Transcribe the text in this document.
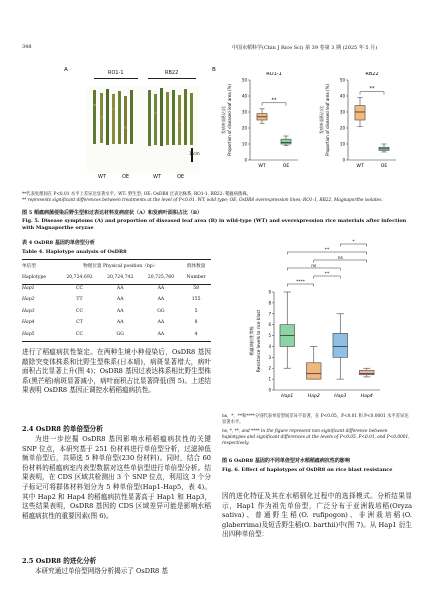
348	中国水稻科学(Chin J Rice Sci) 第 39 卷第 3 期 (2025 年 5 月)
A	RO1-1	RB22
1 cm
WT	OE	WT	OE
B
RO1-1
0
10
20
30
40
50
WT	OE
RB22
0
10
20
30
40
50
WT	OE
Proportion of diseased leaf area (%)
发病叶面积占比
**	Proportion of diseased leaf area (%)
发病叶面积占比
**
**代表处理间在 P<0.01 水平上差异达显著水平。WT: 野生型; OE: OsDR8 过表达株系; RO1-1, RB22: 稻瘟病菌株。
** represents significant differences between treatments at the level of P<0.01. WT, wild type; OE, OsDR8 overexpression lines; RO1-1, RB22, Magnaporthe isolates.
图 5 稻瘟病菌侵染后野生型和过表达材料发病症状（A）和发病叶面积占比（B）
Fig. 5. Disease symptoms (A) and proportion of diseased leaf area (B) in wild-type (WT) and overexpression rice materials after infection with Magnaporthe oryzae
表 4 OsDR8 基因的单倍型分析
Table 4. Haplotype analysis of OsDR8
单倍型	物理位置 Physical position（bp）			群体数量
Haplotype	20,724,692	20,724,742	20,725,760	Number
Hap1	CC	AA	AA	58
Hap2	TT	AA	AA	155
Hap3	CC	AA	GG	5
Hap4	CT	AA	AA	8
Hap5	CC	GG	AA	4
进行了稻瘟病抗性鉴定。在两种生境小种侵染后，OsDR8 基因敲除突变体株系和比野生型株系(日本晴)，病斑显著增大，病叶面积占比显著上升(图 4)；OsDR8 基因过表达株系相比野生型株系(黑芒稻)病斑显著减小，病叶面积占比显著降低(图 5)。上述结果表明 OsDR8 基因正调控水稻稻瘟病抗性。
2.4 OsDR8 的单倍型分析
为进一步挖掘 OsDR8 基因影响水稻稻瘟病抗性的关键 SNP 位点，本研究基于 251 份材料进行单倍型分析，过滤掉低频单倍型后，共筛选 5 种单倍型(230 份材料)。同时，结合 60 份材料的稻瘟病室内表型数据对这些单倍型进行单倍型分析。结果表明，在 CDS 区域共检测出 3 个 SNP 位点，利用这 3 个分子标记可将群体材料划分为 5 种单倍型(Hap1-Hap5，表 4)。其中 Hap2 和 Hap4 的稻瘟病抗性显著高于 Hap1 和 Hap3，这些结果表明，OsDR8 基因的 CDS 区域差异可能是影响水稻稻瘟病抗性的重要因素(图 6)。
2.5 OsDR8 的进化分析
本研究通过单倍型网络分析揭示了 OsDR8 基
0
1
2
3
4
5
6
7
8
9
Hap1	Hap2	Hap3	Hap4
Resistance levels to rice blast
稻瘟病抗性等级
****
**
ns
ns
**
*
ns，*，**和****分别代表单倍型间差异不显著，在 P<0.05，P<0.01 和 P<0.0001 水平差异达显著水平。
ns, *, **, and **** in the figure represent non-significant difference between haplotypes and significant differences at the levels of P<0.05, P<0.01, and P<0.0001, respectively.
图 6 OsDR8 基因的不同单倍型对水稻稻瘟病抗性的影响
Fig. 6. Effect of haplotypes of OsDR8 on rice blast resistance
因的进化特征及其在水稻驯化过程中的选择模式。分析结果显示，Hap1 作为祖先单倍型，广泛分布于亚洲栽培稻(Oryza sativa)、普通野生稻(O. rufipogon)、非洲栽培稻(O. glaberrima)及短舌野生稻(O. barthii)中(图 7)。从 Hap1 衍生出四种单倍型：
